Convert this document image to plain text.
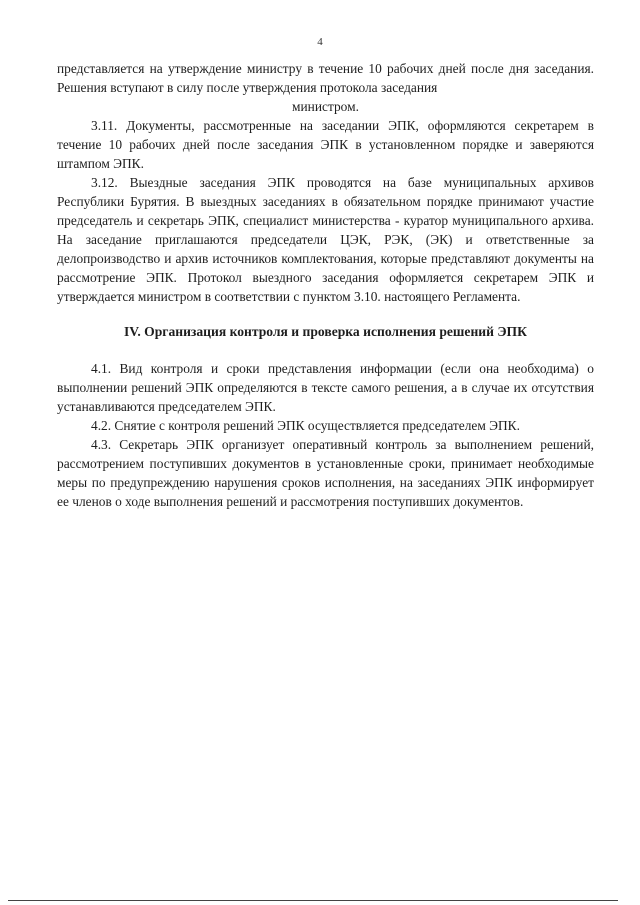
4

представляется на утверждение министру в течение 10 рабочих дней после дня заседания. Решения вступают в силу после утверждения протокола заседания

министром.

3.11. Документы, рассмотренные на заседании ЭПК, оформляются секретарем в течение 10 рабочих дней после заседания ЭПК в установленном порядке и заверяются штампом ЭПК.

3.12. Выездные заседания ЭПК проводятся на базе муниципальных архивов Республики Бурятия. В выездных заседаниях в обязательном порядке принимают участие председатель и секретарь ЭПК, специалист министерства - куратор муниципального архива. На заседание приглашаются председатели ЦЭК, РЭК, (ЭК) и ответственные за делопроизводство и архив источников комплектования, которые представляют документы на рассмотрение ЭПК. Протокол выездного заседания оформляется секретарем ЭПК и утверждается министром в соответствии с пунктом 3.10. настоящего Регламента.

IV. Организация контроля и проверка исполнения решений ЭПК

4.1. Вид контроля и сроки представления информации (если она необходима) о выполнении решений ЭПК определяются в тексте самого решения, а в случае их отсутствия устанавливаются председателем ЭПК.

4.2. Снятие с контроля решений ЭПК осуществляется председателем ЭПК.

4.3. Секретарь ЭПК организует оперативный контроль за выполнением решений, рассмотрением поступивших документов в установленные сроки, принимает необходимые меры по предупреждению нарушения сроков исполнения, на заседаниях ЭПК информирует ее членов о ходе выполнения решений и рассмотрения поступивших документов.
